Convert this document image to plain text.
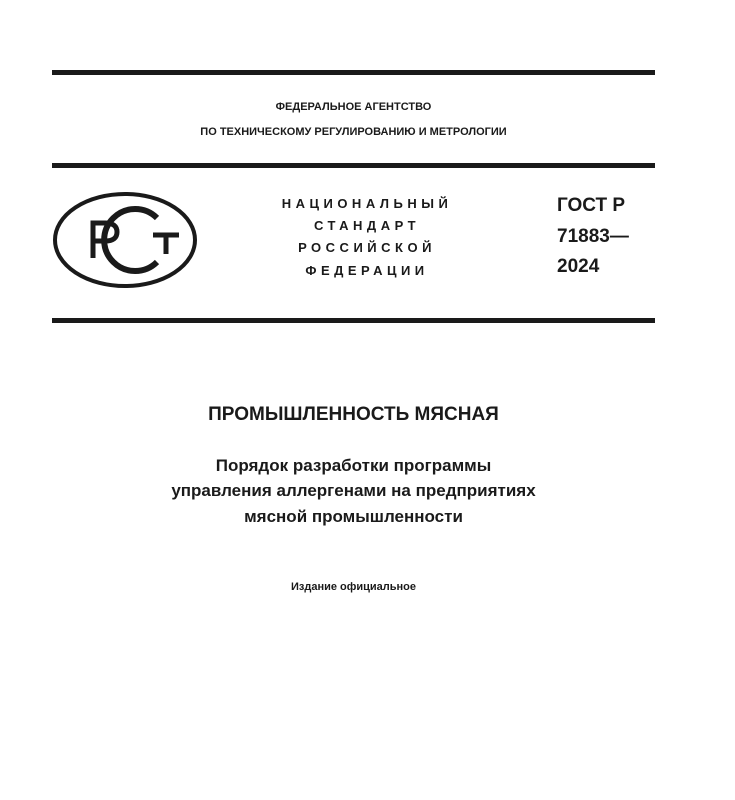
ФЕДЕРАЛЬНОЕ АГЕНТСТВО
ПО ТЕХНИЧЕСКОМУ РЕГУЛИРОВАНИЮ И МЕТРОЛОГИИ
НАЦИОНАЛЬНЫЙ
СТАНДАРТ
РОССИЙСКОЙ
ФЕДЕРАЦИИ
ГОСТ Р
71883—
2024
ПРОМЫШЛЕННОСТЬ МЯСНАЯ
Порядок разработки программы
управления аллергенами на предприятиях
мясной промышленности
Издание официальное
